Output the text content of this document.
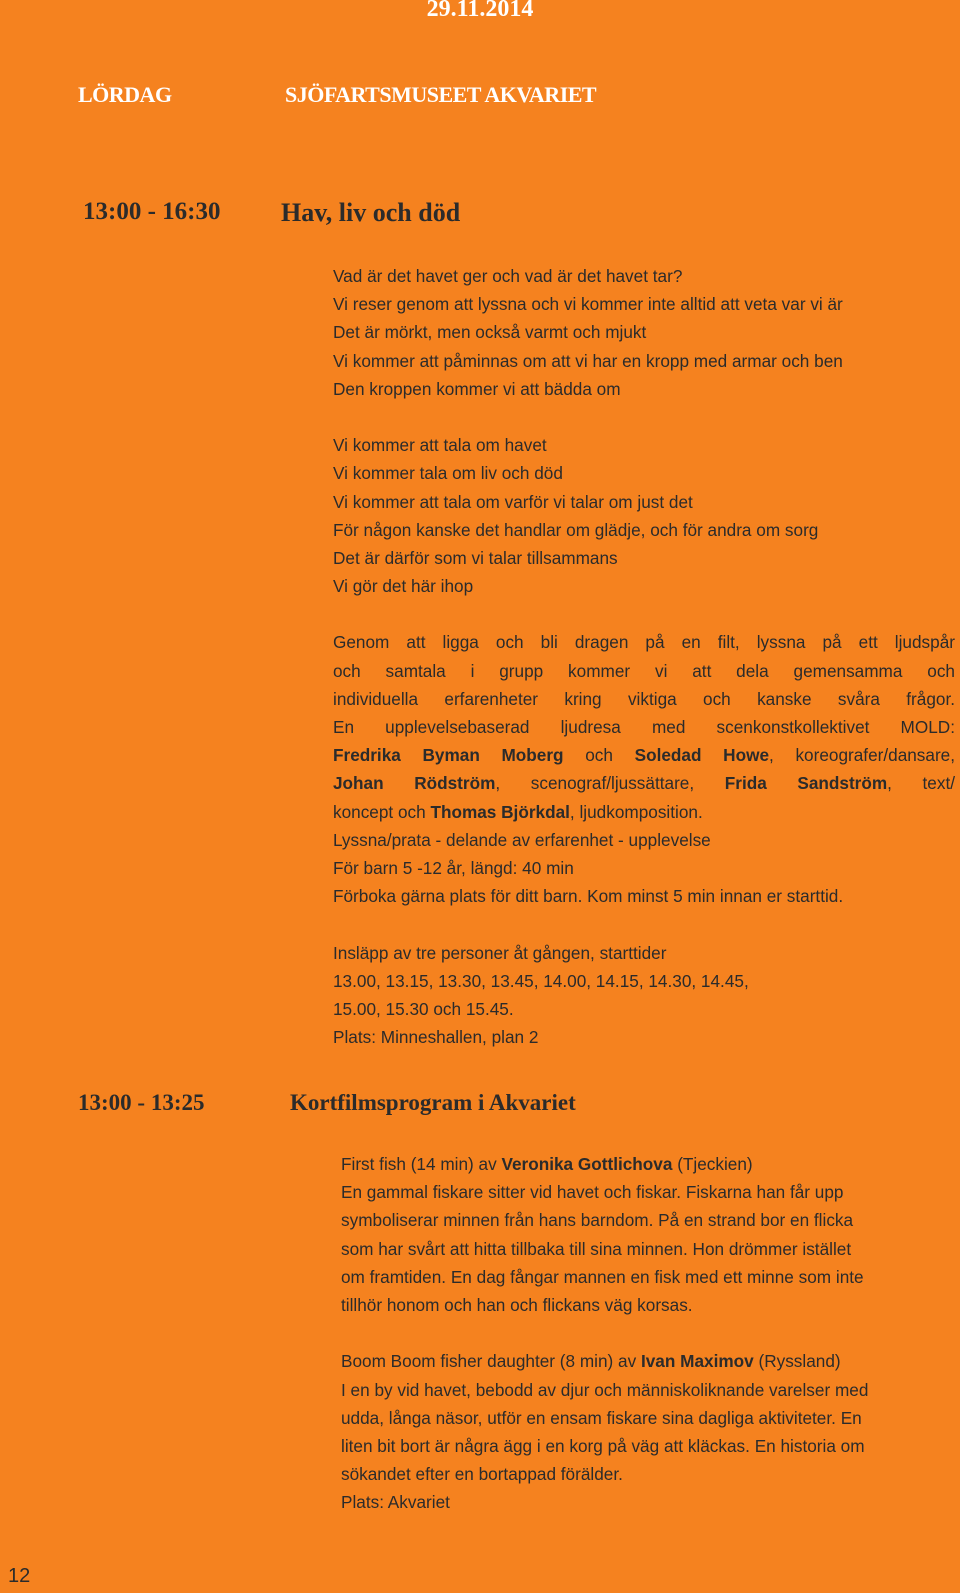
29.11.2014
LÖRDAG	SJÖFARTSMUSEET AKVARIET
13:00 - 16:30 Hav, liv och död
Vad är det havet ger och vad är det havet tar?
Vi reser genom att lyssna och vi kommer inte alltid att veta var vi är
Det är mörkt, men också varmt och mjukt
Vi kommer att påminnas om att vi har en kropp med armar och ben
Den kroppen kommer vi att bädda om
Vi kommer att tala om havet
Vi kommer tala om liv och död
Vi kommer att tala om varför vi talar om just det
För någon kanske det handlar om glädje, och för andra om sorg
Det är därför som vi talar tillsammans
Vi gör det här ihop
Genom att ligga och bli dragen på en filt, lyssna på ett ljudspår
och samtala i grupp kommer vi att dela gemensamma och
individuella erfarenheter kring viktiga och kanske svåra frågor.
En upplevelsebaserad ljudresa med scenkonstkollektivet MOLD:
Fredrika Byman Moberg och Soledad Howe, koreografer/dansare,
Johan Rödström, scenograf/ljussättare, Frida Sandström, text/
koncept och Thomas Björkdal, ljudkomposition.
Lyssna/prata - delande av erfarenhet - upplevelse
För barn 5 -12 år, längd: 40 min
Förboka gärna plats för ditt barn. Kom minst 5 min innan er starttid.
Insläpp av tre personer åt gången, starttider
13.00, 13.15, 13.30, 13.45, 14.00, 14.15, 14.30, 14.45,
15.00, 15.30 och 15.45.
Plats: Minneshallen, plan 2
13:00 - 13:25	Kortfilmsprogram i Akvariet
First fish (14 min) av Veronika Gottlichova (Tjeckien)
En gammal fiskare sitter vid havet och fiskar. Fiskarna han får upp
symboliserar minnen från hans barndom. På en strand bor en flicka
som har svårt att hitta tillbaka till sina minnen. Hon drömmer istället
om framtiden. En dag fångar mannen en fisk med ett minne som inte
tillhör honom och han och flickans väg korsas.
Boom Boom fisher daughter (8 min) av Ivan Maximov (Ryssland)
I en by vid havet, bebodd av djur och människoliknande varelser med
udda, långa näsor, utför en ensam fiskare sina dagliga aktiviteter. En
liten bit bort är några ägg i en korg på väg att kläckas. En historia om
sökandet efter en bortappad förälder.
Plats: Akvariet
12
